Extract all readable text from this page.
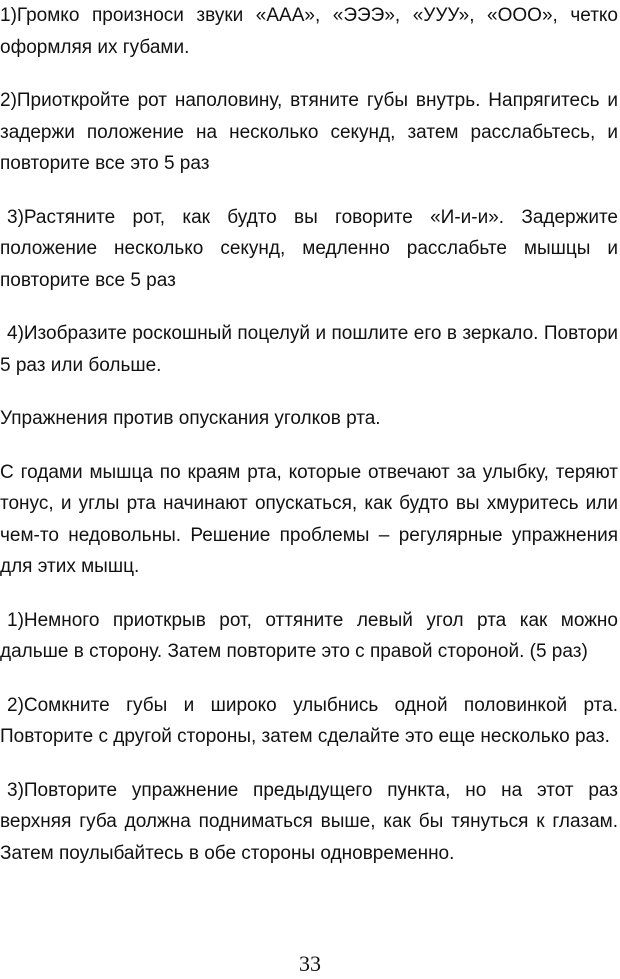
1)Громко произноси звуки «ААА», «ЭЭЭ», «УУУ», «ООО», четко оформляя их губами.

2)Приоткройте рот наполовину, втяните губы внутрь. Напрягитесь и задержи положение на несколько секунд, затем расслабьтесь, и повторите все это 5 раз

3)Растяните рот, как будто вы говорите «И-и-и». Задержите положение несколько секунд, медленно расслабьте мышцы и повторите все 5 раз

4)Изобразите роскошный поцелуй и пошлите его в зеркало. Повтори 5 раз или больше.

Упражнения против опускания уголков рта.

С годами мышца по краям рта, которые отвечают за улыбку, теряют тонус, и углы рта начинают опускаться, как будто вы хмуритесь или чем-то недовольны. Решение проблемы – регулярные упражнения для этих мышц.

1)Немного приоткрыв рот, оттяните левый угол рта как можно дальше в сторону. Затем повторите это с правой стороной. (5 раз)

2)Сомкните губы и широко улыбнись одной половинкой рта. Повторите с другой стороны, затем сделайте это еще несколько раз.

3)Повторите упражнение предыдущего пункта, но на этот раз верхняя губа должна подниматься выше, как бы тянуться к глазам. Затем поулыбайтесь в обе стороны одновременно.

33
